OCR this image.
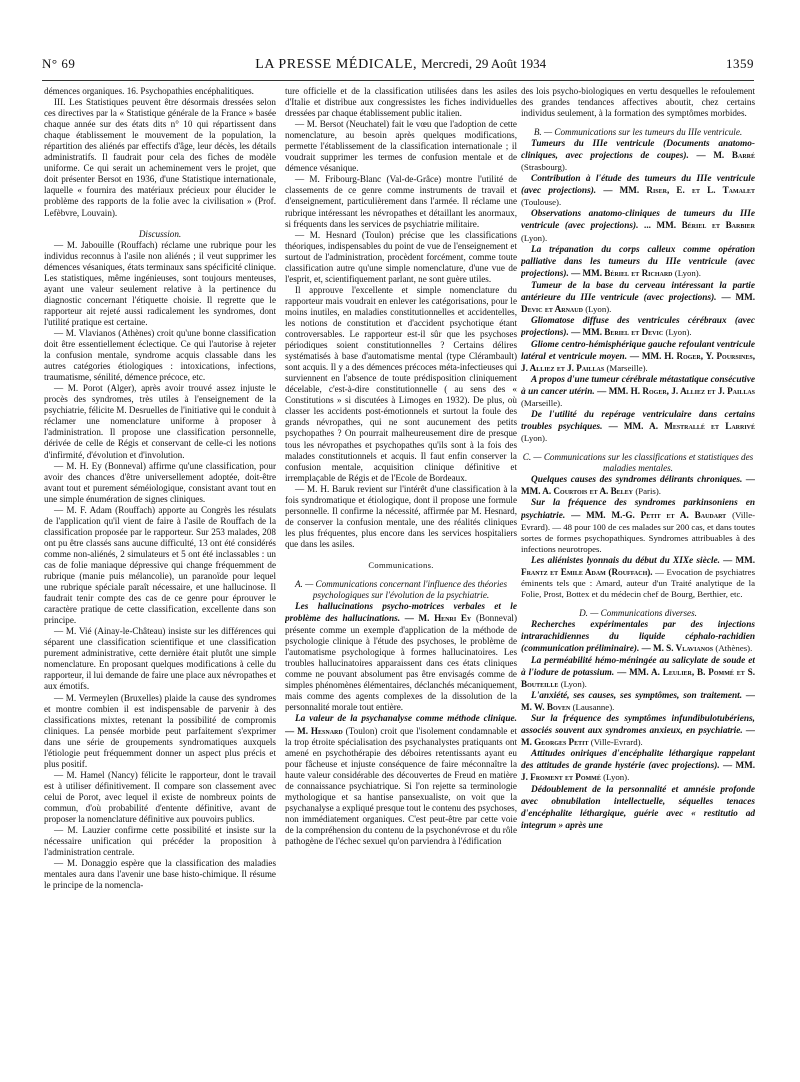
N° 69	LA PRESSE MÉDICALE, Mercredi, 29 Août 1934	1359

démences organiques. 16. Psychopathies encéphalitiques.

III. Les Statistiques peuvent être désormais dressées selon ces directives par la « Statistique générale de la France » basée chaque année sur des états dits n° 10 qui répartissent dans chaque établissement le mouvement de la population, la répartition des aliénés par effectifs d'âge, leur décès, les détails administratifs. Il faudrait pour cela des fiches de modèle uniforme. Ce qui serait un acheminement vers le projet, que doit présenter Bersot en 1936, d'une Statistique internationale, laquelle « fournira des matériaux précieux pour élucider le problème des rapports de la folie avec la civilisation » (Prof. Lefèbvre, Louvain).

Discussion.

— M. Jabouille (Rouffach) réclame une rubrique pour les individus reconnus à l'asile non aliénés ; il veut supprimer les démences vésaniques, états terminaux sans spécificité clinique. Les statistiques, même ingénieuses, sont toujours menteuses, ayant une valeur seulement relative à la pertinence du diagnostic concernant l'étiquette choisie. Il regrette que le rapporteur ait rejeté aussi radicalement les syndromes, dont l'utilité pratique est certaine.

— M. Vlavianos (Athènes) croit qu'une bonne classification doit être essentiellement éclectique. Ce qui l'autorise à rejeter la confusion mentale, syndrome acquis classable dans les autres catégories étiologiques : intoxications, infections, traumatisme, sénilité, démence précoce, etc.

— M. Porot (Alger), après avoir trouvé assez injuste le procès des syndromes, très utiles à l'enseignement de la psychiatrie, félicite M. Desruelles de l'initiative qui le conduit à réclamer une nomenclature uniforme à proposer à l'administration. Il propose une classification personnelle, dérivée de celle de Régis et conservant de celle-ci les notions d'infirmité, d'évolution et d'involution.

— M. H. Ey (Bonneval) affirme qu'une classification, pour avoir des chances d'être universellement adoptée, doit-être avant tout et purement séméiologique, consistant avant tout en une simple énumération de signes cliniques.

— M. F. Adam (Rouffach) apporte au Congrès les résulats de l'application qu'il vient de faire à l'asile de Rouffach de la classification proposée par le rapporteur. Sur 253 malades, 208 ont pu être classés sans aucune difficulté, 13 ont été considérés comme non-aliénés, 2 simulateurs et 5 ont été inclassables : un cas de folie maniaque dépressive qui change fréquemment de rubrique (manie puis mélancolie), un paranoïde pour lequel une rubrique spéciale paraît nécessaire, et une hallucinose. Il faudrait tenir compte des cas de ce genre pour éprouver le caractère pratique de cette classification, excellente dans son principe.

— M. Vié (Ainay-le-Château) insiste sur les différences qui séparent une classification scientifique et une classification purement administrative, cette dernière était plutôt une simple nomenclature. En proposant quelques modifications à celle du rapporteur, il lui demande de faire une place aux névropathes et aux émotifs.

— M. Vermeylen (Bruxelles) plaide la cause des syndromes et montre combien il est indispensable de parvenir à des classifications mixtes, retenant la possibilité de compromis cliniques. La pensée morbide peut parfaitement s'exprimer dans une série de groupements syndromatiques auxquels l'étiologie peut fréquemment donner un aspect plus précis et plus positif.

— M. Hamel (Nancy) félicite le rapporteur, dont le travail est à utiliser définitivement. Il compare son classement avec celui de Porot, avec lequel il existe de nombreux points de commun, d'où probabilité d'entente définitive, avant de proposer la nomenclature définitive aux pouvoirs publics.

— M. Lauzier confirme cette possibilité et insiste sur la nécessaire unification qui précéder la proposition à l'administration centrale.

— M. Donaggio espère que la classification des maladies mentales aura dans l'avenir une base histo-chimique. Il résume le principe de la nomencla-

ture officielle et de la classification utilisées dans les asiles d'Italie et distribue aux congressistes les fiches individuelles dressées par chaque établissement public italien.

— M. Bersot (Neuchatel) fait le vœu que l'adoption de cette nomenclature, au besoin après quelques modifications, permette l'établissement de la classification internationale ; il voudrait supprimer les termes de confusion mentale et de démence vésanique.

— M. Fribourg-Blanc (Val-de-Grâce) montre l'utilité de classements de ce genre comme instruments de travail et d'enseignement, particulièrement dans l'armée. Il réclame une rubrique intéressant les névropathes et détaillant les anormaux, si fréquents dans les services de psychiatrie militaire.

— M. Hesnard (Toulon) précise que les classifications théoriques, indispensables du point de vue de l'enseignement et surtout de l'administration, procèdent forcément, comme toute classification autre qu'une simple nomenclature, d'une vue de l'esprit, et, scientifiquement parlant, ne sont guère utiles.

Il approuve l'excellente et simple nomenclature du rapporteur mais voudrait en enlever les catégorisations, pour le moins inutiles, en maladies constitutionnelles et accidentelles, les notions de constitution et d'accident psychotique étant controversables. Le rapporteur est-il sûr que les psychoses périodiques soient constitutionnelles ? Certains délires systématisés à base d'automatisme mental (type Clérambault) sont acquis. Il y a des démences précoces méta-infectieuses qui surviennent en l'absence de toute prédisposition cliniquement décelable, c'est-à-dire constitutionnelle ( au sens des « Constitutions » si discutées à Limoges en 1932). De plus, où classer les accidents post-émotionnels et surtout la foule des grands névropathes, qui ne sont aucunement des petits psychopathes ? On pourrait malheureusement dire de presque tous les névropathes et psychopathes qu'ils sont à la fois des malades constitutionnels et acquis. Il faut enfin conserver la confusion mentale, acquisition clinique définitive et irremplaçable de Régis et de l'Ecole de Bordeaux.

— M. H. Baruk revient sur l'intérêt d'une classification à la fois syndromatique et étiologique, dont il propose une formule personnelle. Il confirme la nécessité, affirmée par M. Hesnard, de conserver la confusion mentale, une des réalités cliniques les plus fréquentes, plus encore dans les services hospitaliers que dans les asiles.

Communications.

A. — Communications concernant l'influence des théories psychologiques sur l'évolution de la psychiatrie.

Les hallucinations psycho-motrices verbales et le problème des hallucinations. — M. Henri Ey (Bonneval) présente comme un exemple d'application de la méthode de psychologie clinique à l'étude des psychoses, le problème de l'automatisme psychologique à formes hallucinatoires. Les troubles hallucinatoires apparaissent dans ces états cliniques comme ne pouvant absolument pas être envisagés comme de simples phénomènes élémentaires, déclanchés mécaniquement, mais comme des agents complexes de la dissolution de la personnalité morale tout entière.

La valeur de la psychanalyse comme méthode clinique. — M. Hesnard (Toulon) croit que l'isolement condamnable et la trop étroite spécialisation des psychanalystes pratiquants ont amené en psychothérapie des déboires retentissants ayant eu pour fâcheuse et injuste conséquence de faire méconnaître la haute valeur considérable des découvertes de Freud en matière de connaissance psychiatrique. Si l'on rejette sa terminologie mythologique et sa hantise pansexualiste, on voit que la psychanalyse a expliqué presque tout le contenu des psychoses, non immédiatement organiques. C'est peut-être par cette voie de la compréhension du contenu de la psychonévrose et du rôle pathogène de l'échec sexuel qu'on parviendra à l'édification

des lois psycho-biologiques en vertu desquelles le refoulement des grandes tendances affectives aboutit, chez certains individus seulement, à la formation des symptômes morbides.

B. — Communications sur les tumeurs du IIIe ventricule.

Tumeurs du IIIe ventricule (Documents anatomo-cliniques, avec projections de coupes). — M. Barré (Strasbourg).

Contribution à l'étude des tumeurs du IIIe ventricule (avec projections). — MM. Riser, E. et L. Tamalet (Toulouse).

Observations anatomo-cliniques de tumeurs du IIIe ventricule (avec projections). ... MM. Bériel et Barbier (Lyon).

La trépanation du corps calleux comme opération palliative dans les tumeurs du IIIe ventricule (avec projections). — MM. Bériel et Richard (Lyon).

Tumeur de la base du cerveau intéressant la partie antérieure du IIIe ventricule (avec projections). — MM. Devic et Arnaud (Lyon).

Gliomatose diffuse des ventricules cérébraux (avec projections). — MM. Beriel et Devic (Lyon).

Gliome centro-hémisphérique gauche refoulant ventricule latéral et ventricule moyen. — MM. H. Roger, Y. Poursines, J. Alliez et J. Paillas (Marseille).

A propos d'une tumeur cérébrale métastatique consécutive à un cancer utérin. — MM. H. Roger, J. Alliez et J. Paillas (Marseille).

De l'utilité du repérage ventriculaire dans certains troubles psychiques. — MM. A. Mestrallé et Larrivé (Lyon).

C. — Communications sur les classifications et statistiques des maladies mentales.

Quelques causes des syndromes délirants chroniques. — MM. A. Courtois et A. Beley (Paris).

Sur la fréquence des syndromes parkinsoniens en psychiatrie. — MM. M.-G. Petit et A. Baudart (Ville-Evrard). — 48 pour 100 de ces malades sur 200 cas, et dans toutes sortes de formes psychopathiques. Syndromes attribuables à des infections neurotropes.

Les aliénistes lyonnais du début du XIXe siècle. — MM. Frantz et Emile Adam (Rouffach). — Evocation de psychiatres éminents tels que : Amard, auteur d'un Traité analytique de la Folie, Prost, Bottex et du médecin chef de Bourg, Berthier, etc.

D. — Communications diverses.

Recherches expérimentales par des injections intrarachidiennes du liquide céphalo-rachidien (communication préliminaire). — M. S. Vlavianos (Athènes).

La perméabilité hémo-méningée au salicylate de soude et à l'iodure de potassium. — MM. A. Leulier, B. Pommé et S. Bouteille (Lyon).

L'anxiété, ses causes, ses symptômes, son traitement. — M. W. Boven (Lausanne).

Sur la fréquence des symptômes infundibulotubériens, associés souvent aux syndromes anxieux, en psychiatrie. — M. Georges Petit (Ville-Evrard).

Attitudes oniriques d'encéphalite léthargique rappelant des attitudes de grande hystérie (avec projections). — MM. J. Froment et Pommé (Lyon).

Dédoublement de la personnalité et amnésie profonde avec obnubilation intellectuelle, séquelles tenaces d'encéphalite léthargique, guérie avec « restitutio ad integrum » après une
